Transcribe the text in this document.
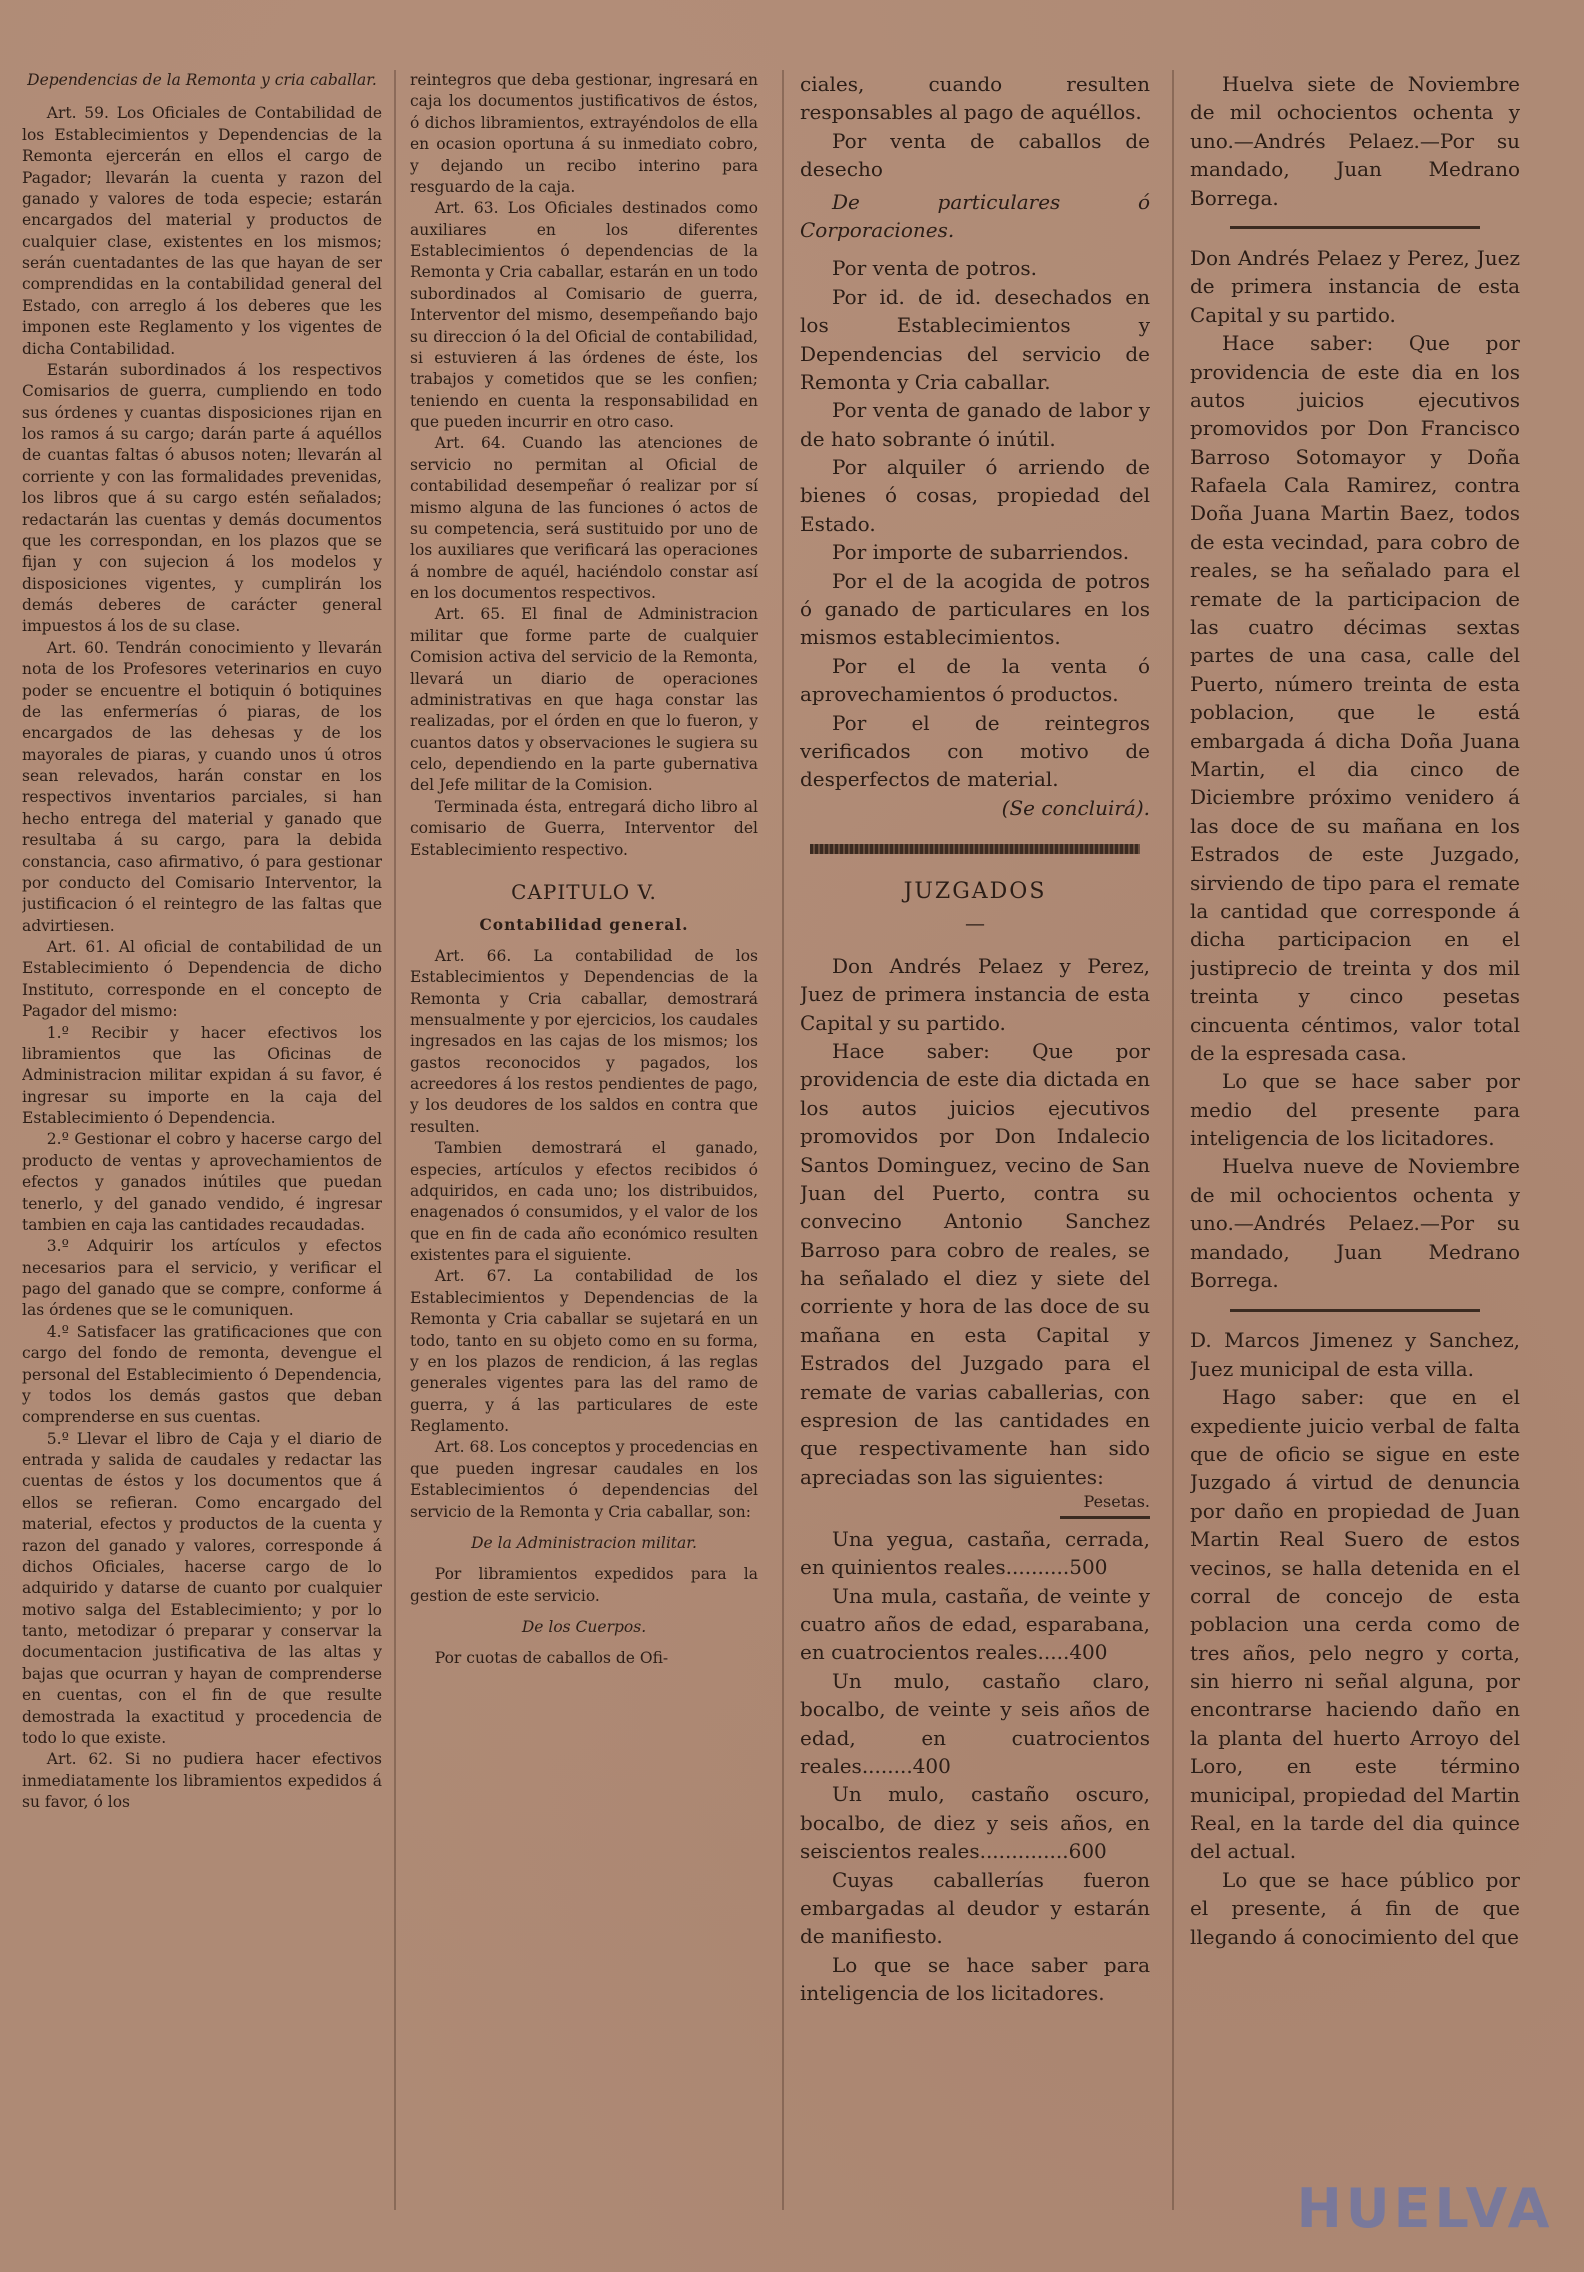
Dependencias de la Remonta y cria caballar.

Art. 59. Los Oficiales de Contabilidad de los Establecimientos y Dependencias de la Remonta ejercerán en ellos el cargo de Pagador; llevarán la cuenta y razon del ganado y valores de toda especie; estarán encargados del material y productos de cualquier clase, existentes en los mismos; serán cuentadantes de las que hayan de ser comprendidas en la contabilidad general del Estado, con arreglo á los deberes que les imponen este Reglamento y los vigentes de dicha Contabilidad.

Estarán subordinados á los respectivos Comisarios de guerra, cumpliendo en todo sus órdenes y cuantas disposiciones rijan en los ramos á su cargo; darán parte á aquéllos de cuantas faltas ó abusos noten; llevarán al corriente y con las formalidades prevenidas, los libros que á su cargo estén señalados; redactarán las cuentas y demás documentos que les correspondan, en los plazos que se fijan y con sujecion á los modelos y disposiciones vigentes, y cumplirán los demás deberes de carácter general impuestos á los de su clase.

Art. 60. Tendrán conocimiento y llevarán nota de los Profesores veterinarios en cuyo poder se encuentre el botiquin ó botiquines de las enfermerías ó piaras, de los encargados de las dehesas y de los mayorales de piaras, y cuando unos ú otros sean relevados, harán constar en los respectivos inventarios parciales, si han hecho entrega del material y ganado que resultaba á su cargo, para la debida constancia, caso afirmativo, ó para gestionar por conducto del Comisario Interventor, la justificacion ó el reintegro de las faltas que advirtiesen.

Art. 61. Al oficial de contabilidad de un Establecimiento ó Dependencia de dicho Instituto, corresponde en el concepto de Pagador del mismo:

1.º Recibir y hacer efectivos los libramientos que las Oficinas de Administracion militar expidan á su favor, é ingresar su importe en la caja del Establecimiento ó Dependencia.

2.º Gestionar el cobro y hacerse cargo del producto de ventas y aprovechamientos de efectos y ganados inútiles que puedan tenerlo, y del ganado vendido, é ingresar tambien en caja las cantidades recaudadas.

3.º Adquirir los artículos y efectos necesarios para el servicio, y verificar el pago del ganado que se compre, conforme á las órdenes que se le comuniquen.

4.º Satisfacer las gratificaciones que con cargo del fondo de remonta, devengue el personal del Establecimiento ó Dependencia, y todos los demás gastos que deban comprenderse en sus cuentas.

5.º Llevar el libro de Caja y el diario de entrada y salida de caudales y redactar las cuentas de éstos y los documentos que á ellos se refieran. Como encargado del material, efectos y productos de la cuenta y razon del ganado y valores, corresponde á dichos Oficiales, hacerse cargo de lo adquirido y datarse de cuanto por cualquier motivo salga del Establecimiento; y por lo tanto, metodizar ó preparar y conservar la documentacion justificativa de las altas y bajas que ocurran y hayan de comprenderse en cuentas, con el fin de que resulte demostrada la exactitud y procedencia de todo lo que existe.

Art. 62. Si no pudiera hacer efectivos inmediatamente los libramientos expedidos á su favor, ó los

reintegros que deba gestionar, ingresará en caja los documentos justificativos de éstos, ó dichos libramientos, extrayéndolos de ella en ocasion oportuna á su inmediato cobro, y dejando un recibo interino para resguardo de la caja.

Art. 63. Los Oficiales destinados como auxiliares en los diferentes Establecimientos ó dependencias de la Remonta y Cria caballar, estarán en un todo subordinados al Comisario de guerra, Interventor del mismo, desempeñando bajo su direccion ó la del Oficial de contabilidad, si estuvieren á las órdenes de éste, los trabajos y cometidos que se les confien; teniendo en cuenta la responsabilidad en que pueden incurrir en otro caso.

Art. 64. Cuando las atenciones de servicio no permitan al Oficial de contabilidad desempeñar ó realizar por sí mismo alguna de las funciones ó actos de su competencia, será sustituido por uno de los auxiliares que verificará las operaciones á nombre de aquél, haciéndolo constar así en los documentos respectivos.

Art. 65. El final de Administracion militar que forme parte de cualquier Comision activa del servicio de la Remonta, llevará un diario de operaciones administrativas en que haga constar las realizadas, por el órden en que lo fueron, y cuantos datos y observaciones le sugiera su celo, dependiendo en la parte gubernativa del Jefe militar de la Comision.

Terminada ésta, entregará dicho libro al comisario de Guerra, Interventor del Establecimiento respectivo.

CAPITULO V.
Contabilidad general.

Art. 66. La contabilidad de los Establecimientos y Dependencias de la Remonta y Cria caballar, demostrará mensualmente y por ejercicios, los caudales ingresados en las cajas de los mismos; los gastos reconocidos y pagados, los acreedores á los restos pendientes de pago, y los deudores de los saldos en contra que resulten.

Tambien demostrará el ganado, especies, artículos y efectos recibidos ó adquiridos, en cada uno; los distribuidos, enagenados ó consumidos, y el valor de los que en fin de cada año económico resulten existentes para el siguiente.

Art. 67. La contabilidad de los Establecimientos y Dependencias de la Remonta y Cria caballar se sujetará en un todo, tanto en su objeto como en su forma, y en los plazos de rendicion, á las reglas generales vigentes para las del ramo de guerra, y á las particulares de este Reglamento.

Art. 68. Los conceptos y procedencias en que pueden ingresar caudales en los Establecimientos ó dependencias del servicio de la Remonta y Cria caballar, son:

De la Administracion militar.

Por libramientos expedidos para la gestion de este servicio.

De los Cuerpos.

Por cuotas de caballos de Ofi-

ciales, cuando resulten responsables al pago de aquéllos.

Por venta de caballos de desecho

De particulares ó Corporaciones.

Por venta de potros.

Por id. de id. desechados en los Establecimientos y Dependencias del servicio de Remonta y Cria caballar.

Por venta de ganado de labor y de hato sobrante ó inútil.

Por alquiler ó arriendo de bienes ó cosas, propiedad del Estado.

Por importe de subarriendos.

Por el de la acogida de potros ó ganado de particulares en los mismos establecimientos.

Por el de la venta ó aprovechamientos ó productos.

Por el de reintegros verificados con motivo de desperfectos de material.

(Se concluirá).

JUZGADOS
—

Don Andrés Pelaez y Perez, Juez de primera instancia de esta Capital y su partido.

Hace saber: Que por providencia de este dia dictada en los autos juicios ejecutivos promovidos por Don Indalecio Santos Dominguez, vecino de San Juan del Puerto, contra su convecino Antonio Sanchez Barroso para cobro de reales, se ha señalado el diez y siete del corriente y hora de las doce de su mañana en esta Capital y Estrados del Juzgado para el remate de varias caballerias, con espresion de las cantidades en que respectivamente han sido apreciadas son las siguientes:

Pesetas.

Una yegua, castaña, cerrada, en quinientos reales..........500

Una mula, castaña, de veinte y cuatro años de edad, esparabana, en cuatrocientos reales.....400

Un mulo, castaño claro, bocalbo, de veinte y seis años de edad, en cuatrocientos reales........400

Un mulo, castaño oscuro, bocalbo, de diez y seis años, en seiscientos reales..............600

Cuyas caballerías fueron embargadas al deudor y estarán de manifiesto.

Lo que se hace saber para inteligencia de los licitadores.

Huelva siete de Noviembre de mil ochocientos ochenta y uno.—Andrés Pelaez.—Por su mandado, Juan Medrano Borrega.

Don Andrés Pelaez y Perez, Juez de primera instancia de esta Capital y su partido.

Hace saber: Que por providencia de este dia en los autos juicios ejecutivos promovidos por Don Francisco Barroso Sotomayor y Doña Rafaela Cala Ramirez, contra Doña Juana Martin Baez, todos de esta vecindad, para cobro de reales, se ha señalado para el remate de la participacion de las cuatro décimas sextas partes de una casa, calle del Puerto, número treinta de esta poblacion, que le está embargada á dicha Doña Juana Martin, el dia cinco de Diciembre próximo venidero á las doce de su mañana en los Estrados de este Juzgado, sirviendo de tipo para el remate la cantidad que corresponde á dicha participacion en el justiprecio de treinta y dos mil treinta y cinco pesetas cincuenta céntimos, valor total de la espresada casa.

Lo que se hace saber por medio del presente para inteligencia de los licitadores.

Huelva nueve de Noviembre de mil ochocientos ochenta y uno.—Andrés Pelaez.—Por su mandado, Juan Medrano Borrega.

D. Marcos Jimenez y Sanchez, Juez municipal de esta villa.

Hago saber: que en el expediente juicio verbal de falta que de oficio se sigue en este Juzgado á virtud de denuncia por daño en propiedad de Juan Martin Real Suero de estos vecinos, se halla detenida en el corral de concejo de esta poblacion una cerda como de tres años, pelo negro y corta, sin hierro ni señal alguna, por encontrarse haciendo daño en la planta del huerto Arroyo del Loro, en este término municipal, propiedad del Martin Real, en la tarde del dia quince del actual.

Lo que se hace público por el presente, á fin de que llegando á conocimiento del que

HUELVA
